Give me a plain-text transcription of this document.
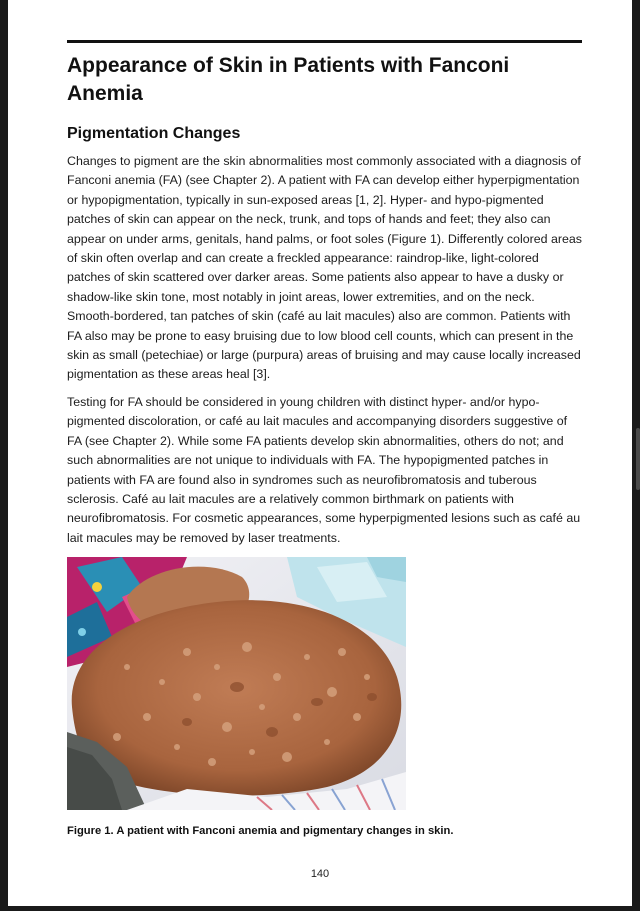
Appearance of Skin in Patients with Fanconi Anemia
Pigmentation Changes

Changes to pigment are the skin abnormalities most commonly associated with a diagnosis of Fanconi anemia (FA) (see Chapter 2). A patient with FA can develop either hyperpigmentation or hypopigmentation, typically in sun-exposed areas [1, 2]. Hyper- and hypo-pigmented patches of skin can appear on the neck, trunk, and tops of hands and feet; they also can appear on under arms, genitals, hand palms, or foot soles (Figure 1). Differently colored areas of skin often overlap and can create a freckled appearance: raindrop-like, light-colored patches of skin scattered over darker areas. Some patients also appear to have a dusky or shadow-like skin tone, most notably in joint areas, lower extremities, and on the neck. Smooth-bordered, tan patches of skin (café au lait macules) also are common. Patients with FA also may be prone to easy bruising due to low blood cell counts, which can present in the skin as small (petechiae) or large (purpura) areas of bruising and may cause locally increased pigmentation as these areas heal [3].

Testing for FA should be considered in young children with distinct hyper- and/or hypo-pigmented discoloration, or café au lait macules and accompanying disorders suggestive of FA (see Chapter 2). While some FA patients develop skin abnormalities, others do not; and such abnormalities are not unique to individuals with FA. The hypopigmented patches in patients with FA are found also in syndromes such as neurofibromatosis and tuberous sclerosis. Café au lait macules are a relatively common birthmark on patients with neurofibromatosis. For cosmetic appearances, some hyperpigmented lesions such as café au lait macules may be removed by laser treatments.

Figure 1. A patient with Fanconi anemia and pigmentary changes in skin.

140
